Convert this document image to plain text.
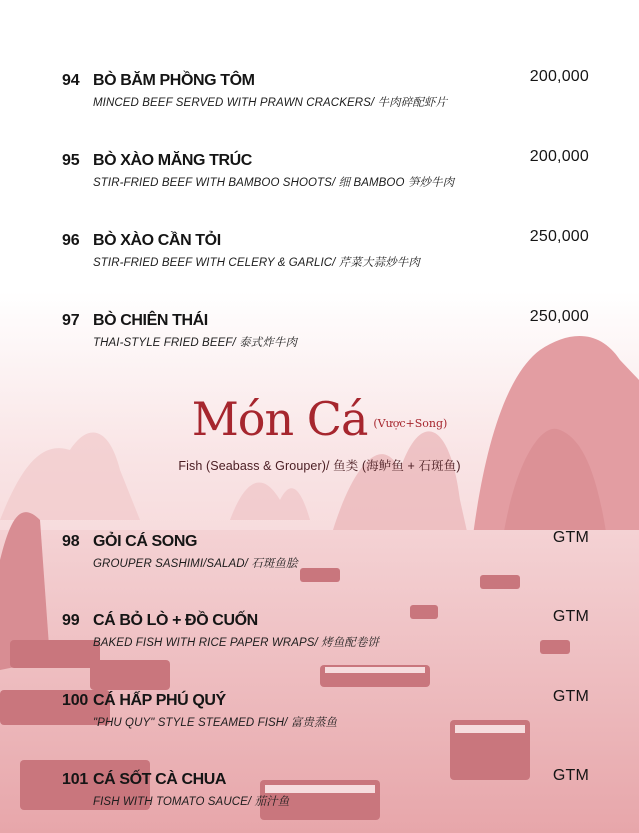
94 BÒ BĂM PHỒNG TÔM
MINCED BEEF SERVED WITH PRAWN CRACKERS/ 牛肉碎配虾片
200,000
95 BÒ XÀO MĂNG TRÚC
STIR-FRIED BEEF WITH BAMBOO SHOOTS/ 细 BAMBOO 笋炒牛肉
200,000
96 BÒ XÀO CẦN TỎI
STIR-FRIED BEEF WITH CELERY & GARLIC/ 芹菜大蒜炒牛肉
250,000
97 BÒ CHIÊN THÁI
THAI-STYLE FRIED BEEF/ 泰式炸牛肉
250,000
Món Cá $^{(Vược+Song)}$
Fish (Seabass & Grouper)/ 鱼类 (海鲈鱼 + 石斑鱼)
98 GỎI CÁ SONG
GROUPER SASHIMI/SALAD/ 石斑鱼脍
GTM
99 CÁ BỎ LÒ + ĐỒ CUỐN
BAKED FISH WITH RICE PAPER WRAPS/ 烤鱼配卷饼
GTM
100 CÁ HẤP PHÚ QUÝ
"PHU QUY" STYLE STEAMED FISH/ 富贵蒸鱼
GTM
101 CÁ SỐT CÀ CHUA
FISH WITH TOMATO SAUCE/ 茄汁鱼
GTM
